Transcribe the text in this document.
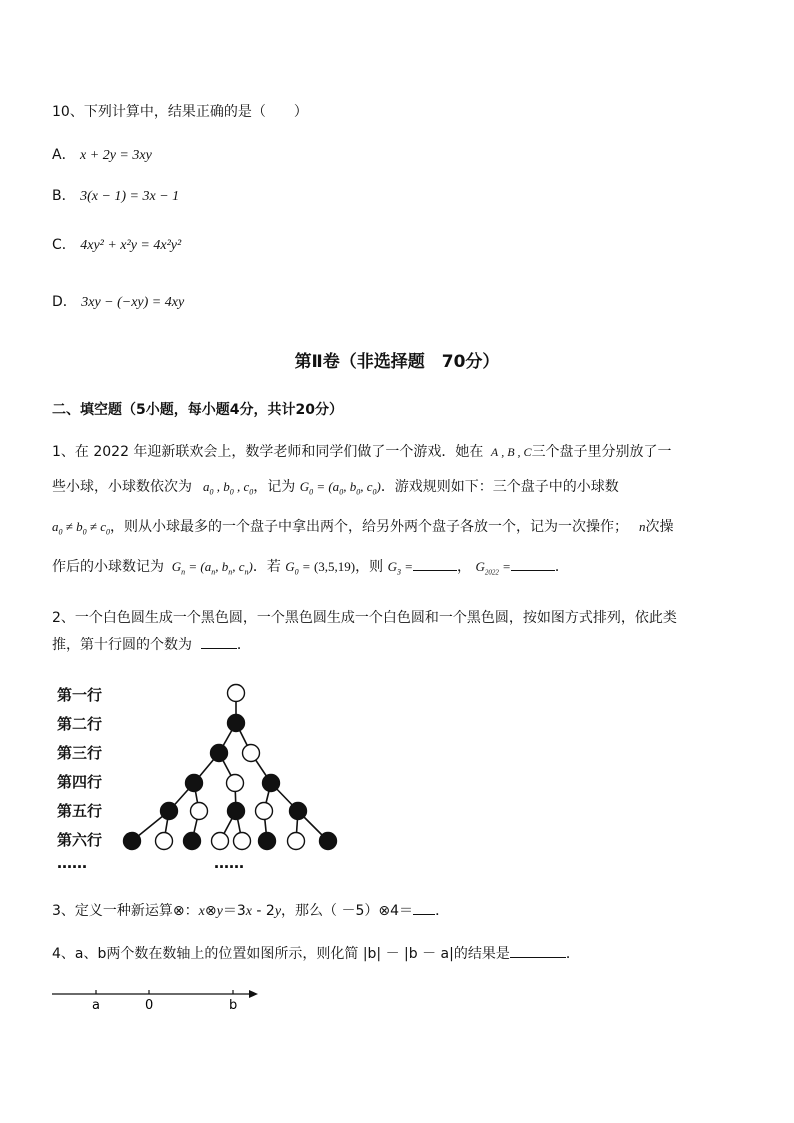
10、下列计算中，结果正确的是（　　）
A． x + 2y = 3xy
B． 3(x − 1) = 3x − 1
C． 4xy² + x²y = 4x²y²
D． 3xy − (−xy) = 4xy
第Ⅱ卷（非选择题　70分）
二、填空题（5小题，每小题4分，共计20分）
1、在 2022 年迎新联欢会上，数学老师和同学们做了一个游戏．她在  A , B , C三个盘子里分别放了一
些小球，小球数依次为   $a_0$ , $b_0$ , $c_0$，记为 $G_0 = (a_0$, $b_0$, $c_0$)．游戏规则如下：三个盘子中的小球数
$a_0 \ne b_0 \ne c_0$，则从小球最多的一个盘子中拿出两个，给另外两个盘子各放一个，记为一次操作；   n次操
作后的小球数记为  $G_n = (a_n$, $b_n$, $c_n$)．若 $G_0 = (3,5,19)$，则 $G_3$ =	， $G_{2022}$ =	．
2、一个白色圆生成一个黑色圆，一个黑色圆生成一个白色圆和一个黑色圆，按如图方式排列，依此类
推，第十行圆的个数为	．
第一行
第二行
第三行
第四行
第五行
第六行
……	……
3、定义一种新运算⊗：x⊗y＝3x - 2y，那么（ －5）⊗4＝ ．
4、a、b两个数在数轴上的位置如图所示，则化简 |b| － |b － a|的结果是	．
a	0	b
